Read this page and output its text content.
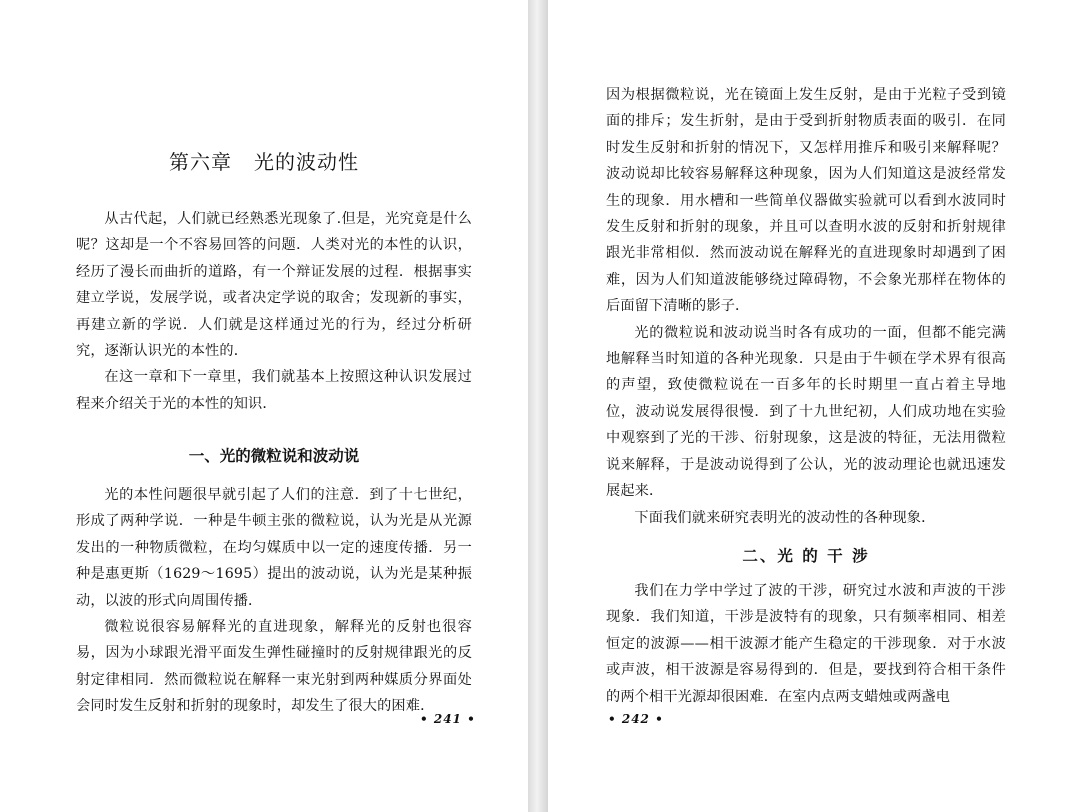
第六章 光的波动性

从古代起，人们就已经熟悉光现象了.但是，光究竟是什么呢？这却是一个不容易回答的问题．人类对光的本性的认识，经历了漫长而曲折的道路，有一个辩证发展的过程．根据事实建立学说，发展学说，或者决定学说的取舍；发现新的事实，再建立新的学说．人们就是这样通过光的行为，经过分析研究，逐渐认识光的本性的．

在这一章和下一章里，我们就基本上按照这种认识发展过程来介绍关于光的本性的知识．

一、光的微粒说和波动说

光的本性问题很早就引起了人们的注意．到了十七世纪，形成了两种学说．一种是牛顿主张的微粒说，认为光是从光源发出的一种物质微粒，在均匀媒质中以一定的速度传播．另一种是惠更斯（1629～1695）提出的波动说，认为光是某种振动，以波的形式向周围传播．

微粒说很容易解释光的直进现象，解释光的反射也很容易，因为小球跟光滑平面发生弹性碰撞时的反射规律跟光的反射定律相同．然而微粒说在解释一束光射到两种媒质分界面处会同时发生反射和折射的现象时，却发生了很大的困难．

• 241 •

因为根据微粒说，光在镜面上发生反射，是由于光粒子受到镜面的排斥；发生折射，是由于受到折射物质表面的吸引．在同时发生反射和折射的情况下，又怎样用推斥和吸引来解释呢？波动说却比较容易解释这种现象，因为人们知道这是波经常发生的现象．用水槽和一些简单仪器做实验就可以看到水波同时发生反射和折射的现象，并且可以查明水波的反射和折射规律跟光非常相似．然而波动说在解释光的直进现象时却遇到了困难，因为人们知道波能够绕过障碍物，不会象光那样在物体的后面留下清晰的影子．

光的微粒说和波动说当时各有成功的一面，但都不能完满地解释当时知道的各种光现象．只是由于牛顿在学术界有很高的声望，致使微粒说在一百多年的长时期里一直占着主导地位，波动说发展得很慢．到了十九世纪初，人们成功地在实验中观察到了光的干涉、衍射现象，这是波的特征，无法用微粒说来解释，于是波动说得到了公认，光的波动理论也就迅速发展起来．

下面我们就来研究表明光的波动性的各种现象．

二、光 的 干 涉

我们在力学中学过了波的干涉，研究过水波和声波的干涉现象．我们知道，干涉是波特有的现象，只有频率相同、相差恒定的波源——相干波源才能产生稳定的干涉现象．对于水波或声波，相干波源是容易得到的．但是，要找到符合相干条件的两个相干光源却很困难．在室内点两支蜡烛或两盏电

• 242 •
